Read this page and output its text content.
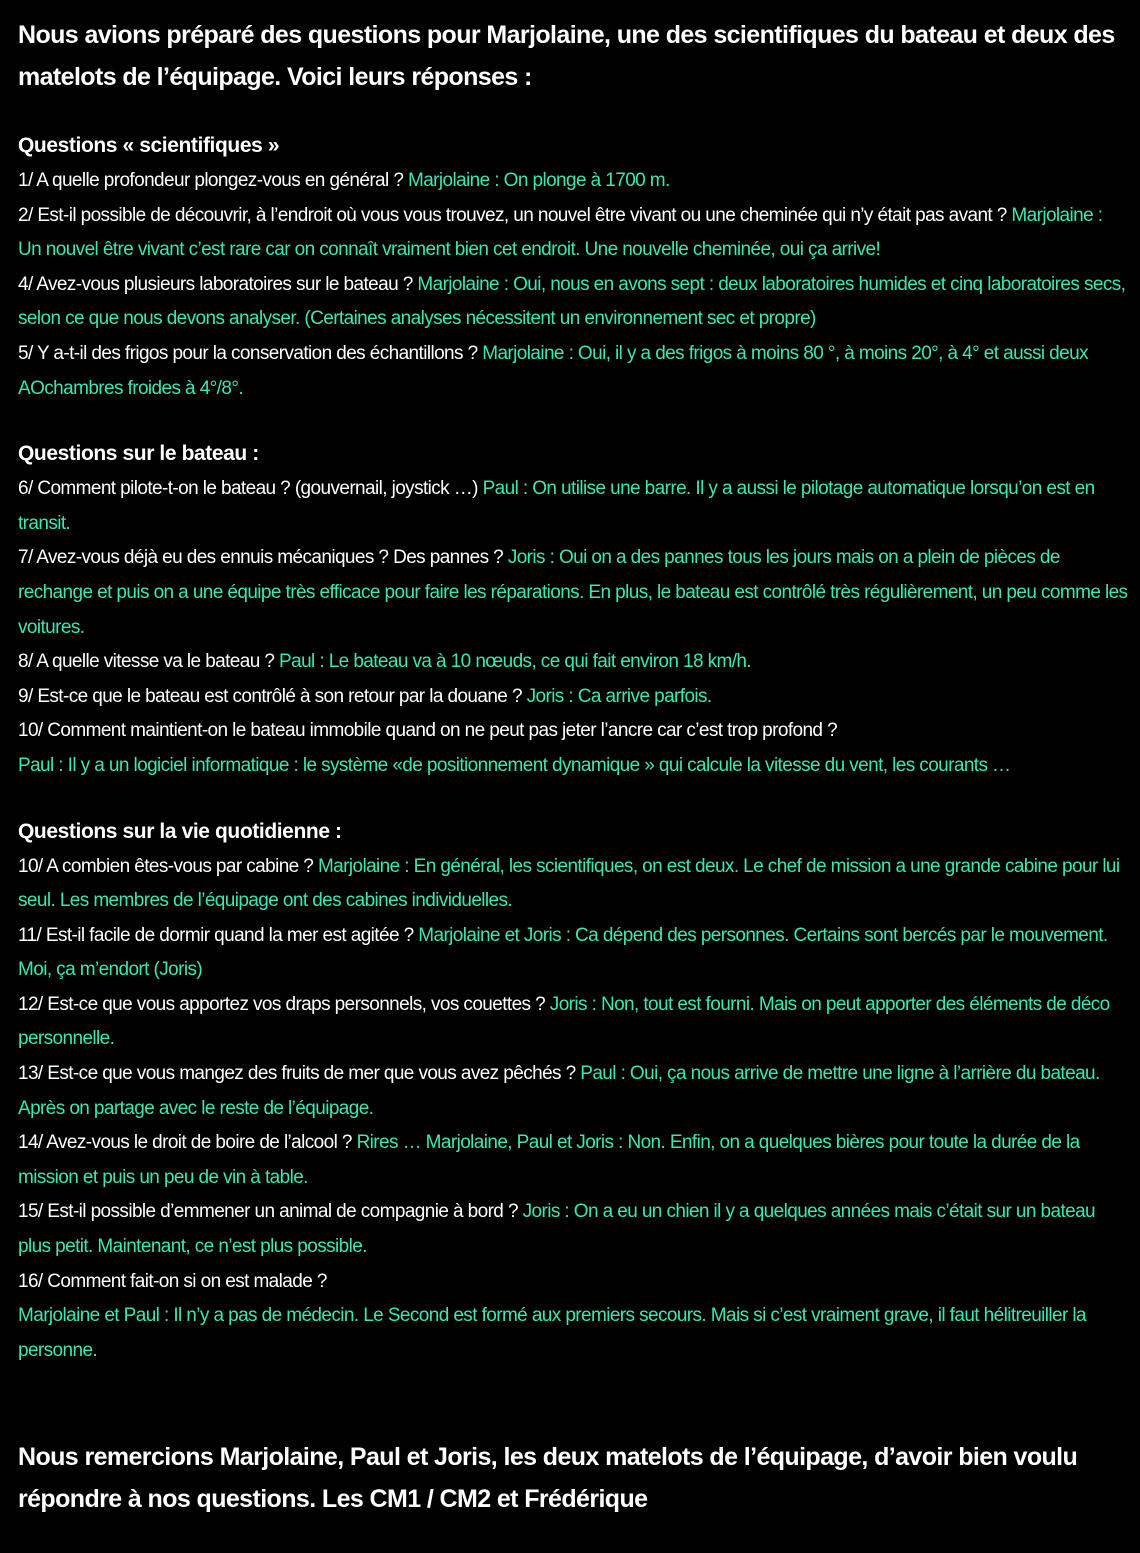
Nous avions préparé des questions pour Marjolaine, une des scientifiques du bateau et deux des matelots de l’équipage. Voici leurs réponses :
Questions « scientifiques »
1/ A quelle profondeur plongez-vous en général ? Marjolaine : On plonge à 1700 m.
2/ Est-il possible de découvrir, à l’endroit où vous vous trouvez, un nouvel être vivant ou une cheminée qui n’y était pas avant ? Marjolaine : Un nouvel être vivant c’est rare car on connaît vraiment bien cet endroit. Une nouvelle cheminée, oui ça arrive!
4/ Avez-vous plusieurs laboratoires sur le bateau ? Marjolaine : Oui, nous en avons sept : deux laboratoires humides et cinq laboratoires secs, selon ce que nous devons analyser. (Certaines analyses nécessitent un environnement sec et propre)
5/ Y a-t-il des frigos pour la conservation des échantillons ? Marjolaine : Oui, il y a des frigos à moins 80 °, à moins 20°, à 4° et aussi deux AOchambres froides à 4°/8°.
Questions sur le bateau :
6/ Comment pilote-t-on le bateau ? (gouvernail, joystick …) Paul : On utilise une barre. Il y a aussi le pilotage automatique lorsqu’on est en transit.
7/ Avez-vous déjà eu des ennuis mécaniques ? Des pannes ? Joris : Oui on a des pannes tous les jours mais on a plein de pièces de rechange et puis on a une équipe très efficace pour faire les réparations. En plus, le bateau est contrôlé très régulièrement, un peu comme les voitures.
8/ A quelle vitesse va le bateau ? Paul : Le bateau va à 10 nœuds, ce qui fait environ 18 km/h.
9/ Est-ce que le bateau est contrôlé à son retour par la douane ? Joris : Ca arrive parfois.
10/ Comment maintient-on le bateau immobile quand on ne peut pas jeter l’ancre car c’est trop profond ?
Paul : Il y a un logiciel informatique : le système «de positionnement dynamique » qui calcule la vitesse du vent, les courants …
Questions sur la vie quotidienne :
10/ A combien êtes-vous par cabine ? Marjolaine : En général, les scientifiques, on est deux. Le chef de mission a une grande cabine pour lui seul. Les membres de l’équipage ont des cabines individuelles.
11/ Est-il facile de dormir quand la mer est agitée ? Marjolaine et Joris : Ca dépend des personnes. Certains sont bercés par le mouvement. Moi, ça m’endort (Joris)
12/ Est-ce que vous apportez vos draps personnels, vos couettes ? Joris : Non, tout est fourni. Mais on peut apporter des éléments de déco personnelle.
13/ Est-ce que vous mangez des fruits de mer que vous avez pêchés ? Paul : Oui, ça nous arrive de mettre une ligne à l’arrière du bateau. Après on partage avec le reste de l’équipage.
14/ Avez-vous le droit de boire de l’alcool ? Rires … Marjolaine, Paul et Joris : Non. Enfin, on a quelques bières pour toute la durée de la mission et puis un peu de vin à table.
15/ Est-il possible d’emmener un animal de compagnie à bord ? Joris : On a eu un chien il y a quelques années mais c’était sur un bateau plus petit. Maintenant, ce n’est plus possible.
16/ Comment fait-on si on est malade ?
Marjolaine et Paul : Il n’y a pas de médecin. Le Second est formé aux premiers secours. Mais si c’est vraiment grave, il faut hélitreuiller la personne.
Nous remercions Marjolaine, Paul et Joris, les deux matelots de l’équipage, d’avoir bien voulu répondre à nos questions. Les CM1 / CM2 et Frédérique
